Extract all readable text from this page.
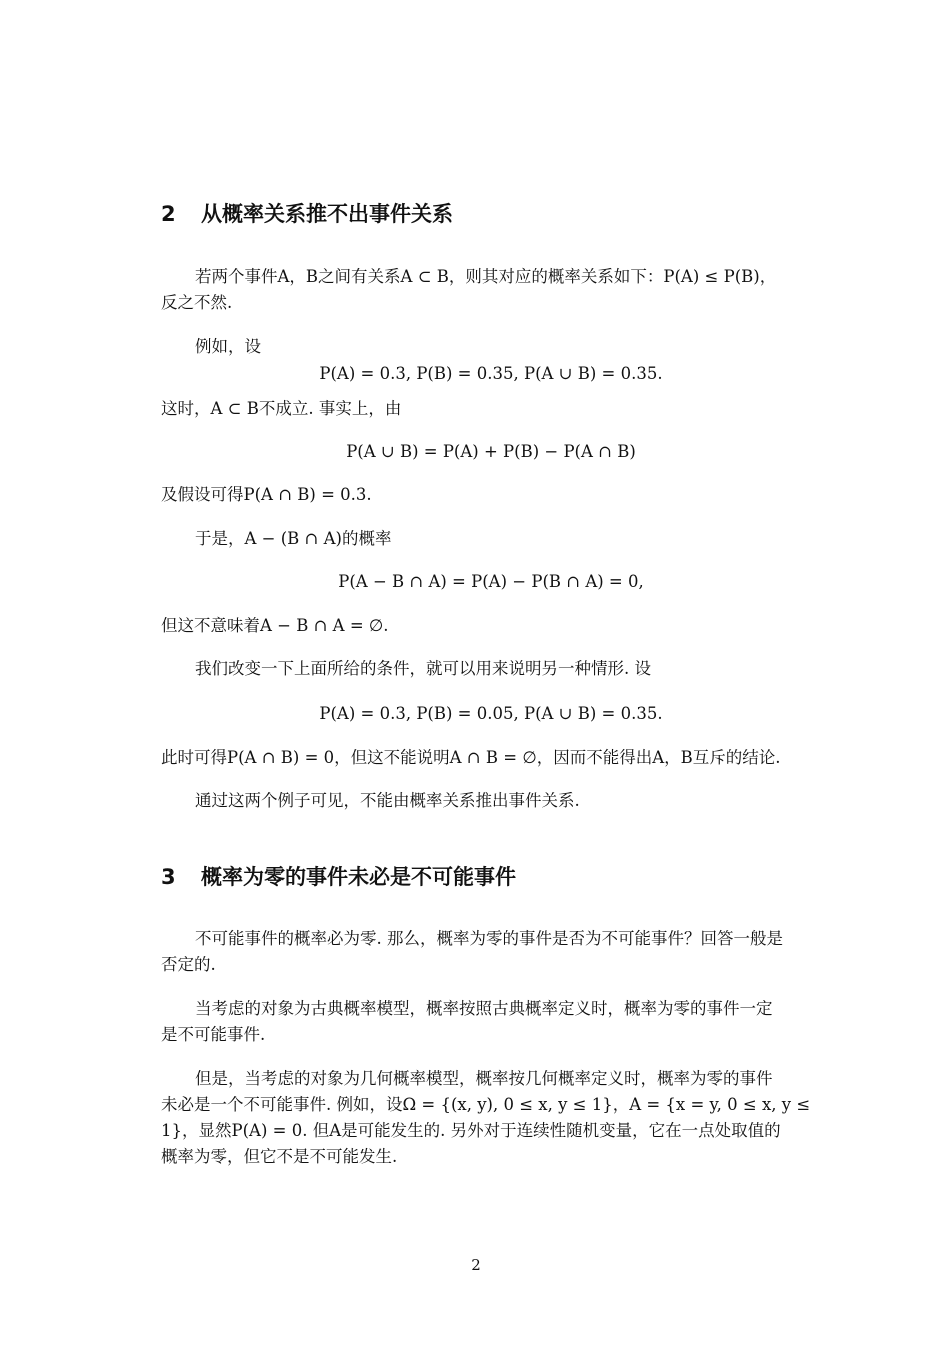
2 从概率关系推不出事件关系
若两个事件A，B之间有关系A ⊂ B，则其对应的概率关系如下：P(A) ≤ P(B)，
反之不然.
例如，设
P(A) = 0.3, P(B) = 0.35, P(A ∪ B) = 0.35.
这时，A ⊂ B不成立. 事实上，由
P(A ∪ B) = P(A) + P(B) − P(A ∩ B)
及假设可得P(A ∩ B) = 0.3.
于是，A − (B ∩ A)的概率
P(A − B ∩ A) = P(A) − P(B ∩ A) = 0,
但这不意味着A − B ∩ A = ∅.
我们改变一下上面所给的条件，就可以用来说明另一种情形. 设
P(A) = 0.3, P(B) = 0.05, P(A ∪ B) = 0.35.
此时可得P(A ∩ B) = 0，但这不能说明A ∩ B = ∅，因而不能得出A，B互斥的结论.
通过这两个例子可见，不能由概率关系推出事件关系.
3 概率为零的事件未必是不可能事件
不可能事件的概率必为零. 那么，概率为零的事件是否为不可能事件？回答一般是
否定的.
当考虑的对象为古典概率模型，概率按照古典概率定义时，概率为零的事件一定
是不可能事件.
但是，当考虑的对象为几何概率模型，概率按几何概率定义时，概率为零的事件
未必是一个不可能事件. 例如，设Ω = {(x, y), 0 ≤ x, y ≤ 1}，A = {x = y, 0 ≤ x, y ≤
1}，显然P(A) = 0. 但A是可能发生的. 另外对于连续性随机变量，它在一点处取值的
概率为零，但它不是不可能发生.
2
